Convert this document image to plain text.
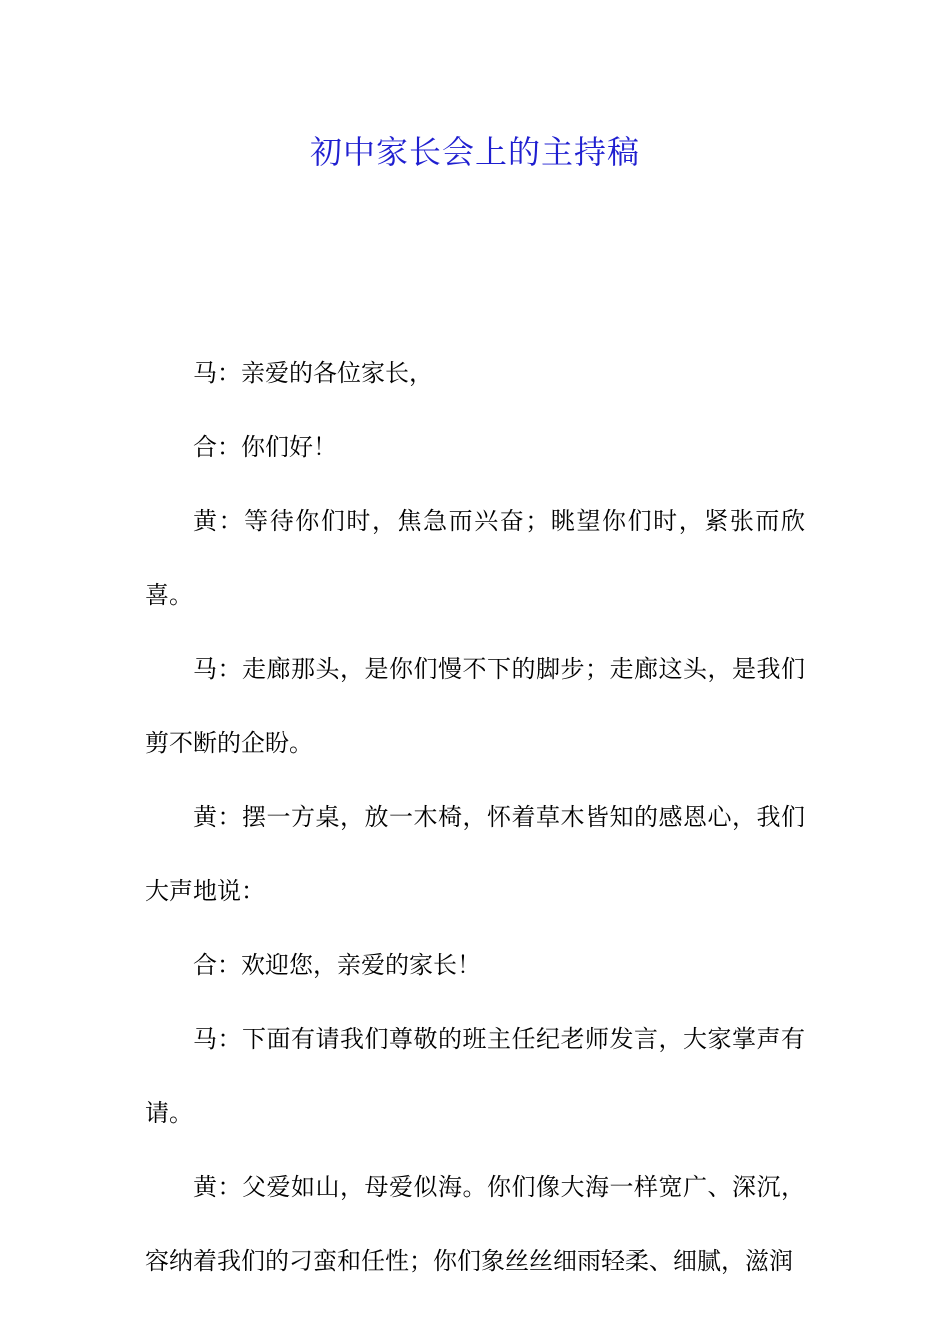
初中家长会上的主持稿

马：亲爱的各位家长，

合：你们好！

黄：等待你们时，焦急而兴奋；眺望你们时，紧张而欣喜。

马：走廊那头，是你们慢不下的脚步；走廊这头，是我们剪不断的企盼。

黄：摆一方桌，放一木椅，怀着草木皆知的感恩心，我们大声地说：

合：欢迎您，亲爱的家长！

马：下面有请我们尊敬的班主任纪老师发言，大家掌声有请。

黄：父爱如山，母爱似海。你们像大海一样宽广、深沉，容纳着我们的刁蛮和任性；你们象丝丝细雨轻柔、细腻，滋润
